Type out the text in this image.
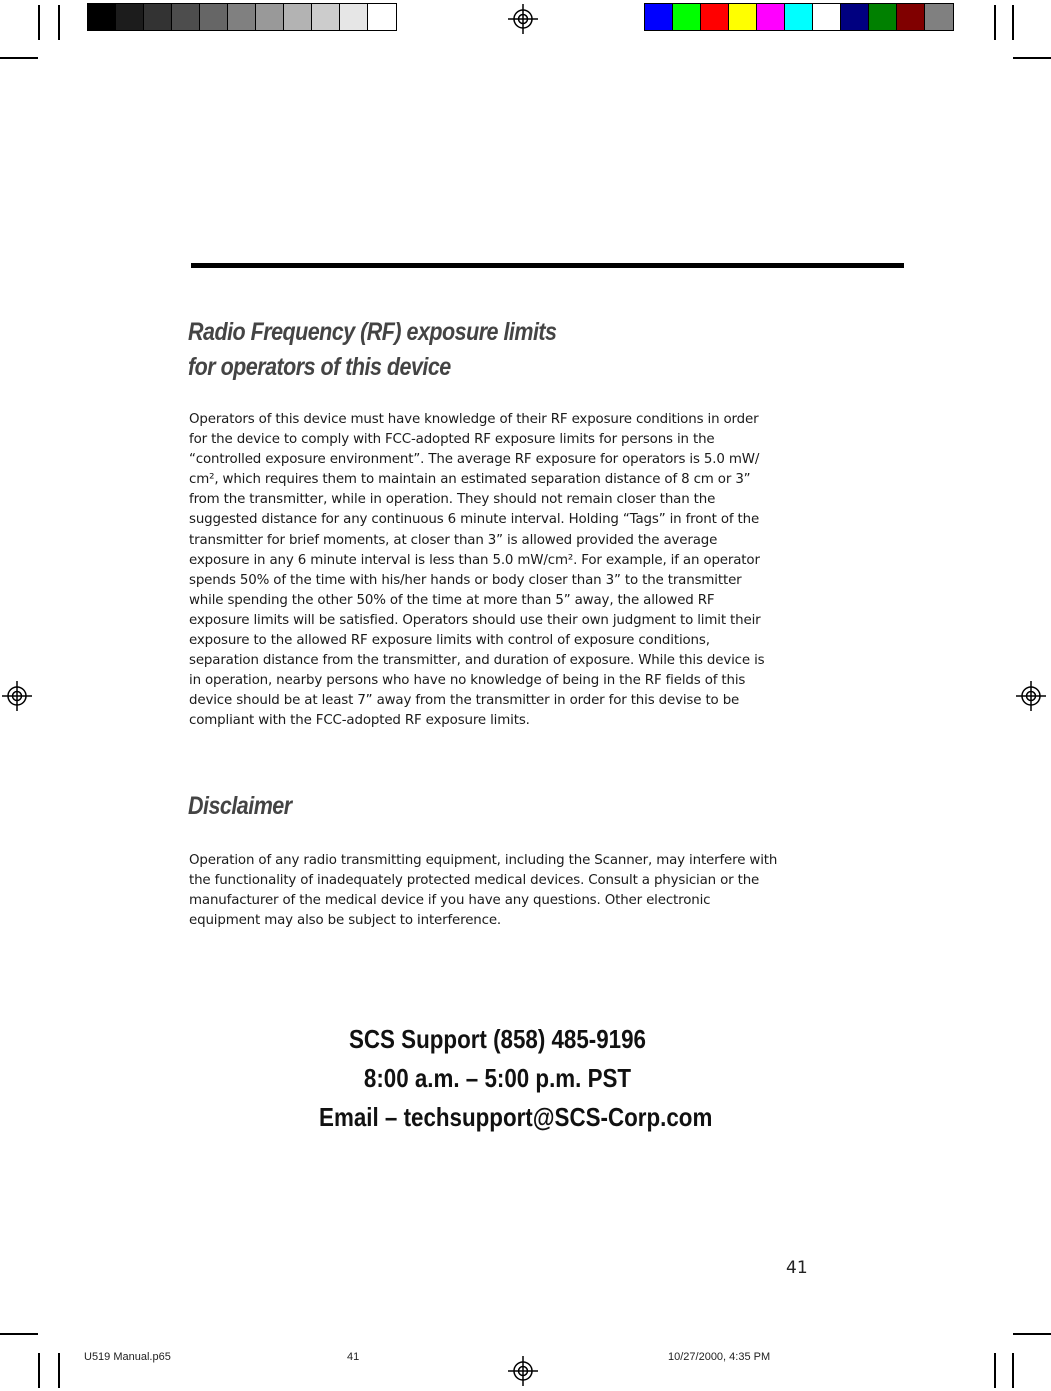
Radio Frequency (RF) exposure limits
for operators of this device
Operators of this device must have knowledge of their RF exposure conditions in order
for the device to comply with FCC-adopted RF exposure limits for persons in the
“controlled exposure environment”. The average RF exposure for operators is 5.0 mW/
cm², which requires them to maintain an estimated separation distance of 8 cm or 3”
from the transmitter, while in operation. They should not remain closer than the
suggested distance for any continuous 6 minute interval. Holding “Tags” in front of the
transmitter for brief moments, at closer than 3” is allowed provided the average
exposure in any 6 minute interval is less than 5.0 mW/cm². For example, if an operator
spends 50% of the time with his/her hands or body closer than 3” to the transmitter
while spending the other 50% of the time at more than 5” away, the allowed RF
exposure limits will be satisfied. Operators should use their own judgment to limit their
exposure to the allowed RF exposure limits with control of exposure conditions,
separation distance from the transmitter, and duration of exposure. While this device is
in operation, nearby persons who have no knowledge of being in the RF fields of this
device should be at least 7” away from the transmitter in order for this devise to be
compliant with the FCC-adopted RF exposure limits.
Disclaimer
Operation of any radio transmitting equipment, including the Scanner, may interfere with
the functionality of inadequately protected medical devices. Consult a physician or the
manufacturer of the medical device if you have any questions. Other electronic
equipment may also be subject to interference.
SCS Support (858) 485-9196
8:00 a.m. – 5:00 p.m. PST
Email – techsupport@SCS-Corp.com
41
U519 Manual.p65	41	10/27/2000, 4:35 PM
